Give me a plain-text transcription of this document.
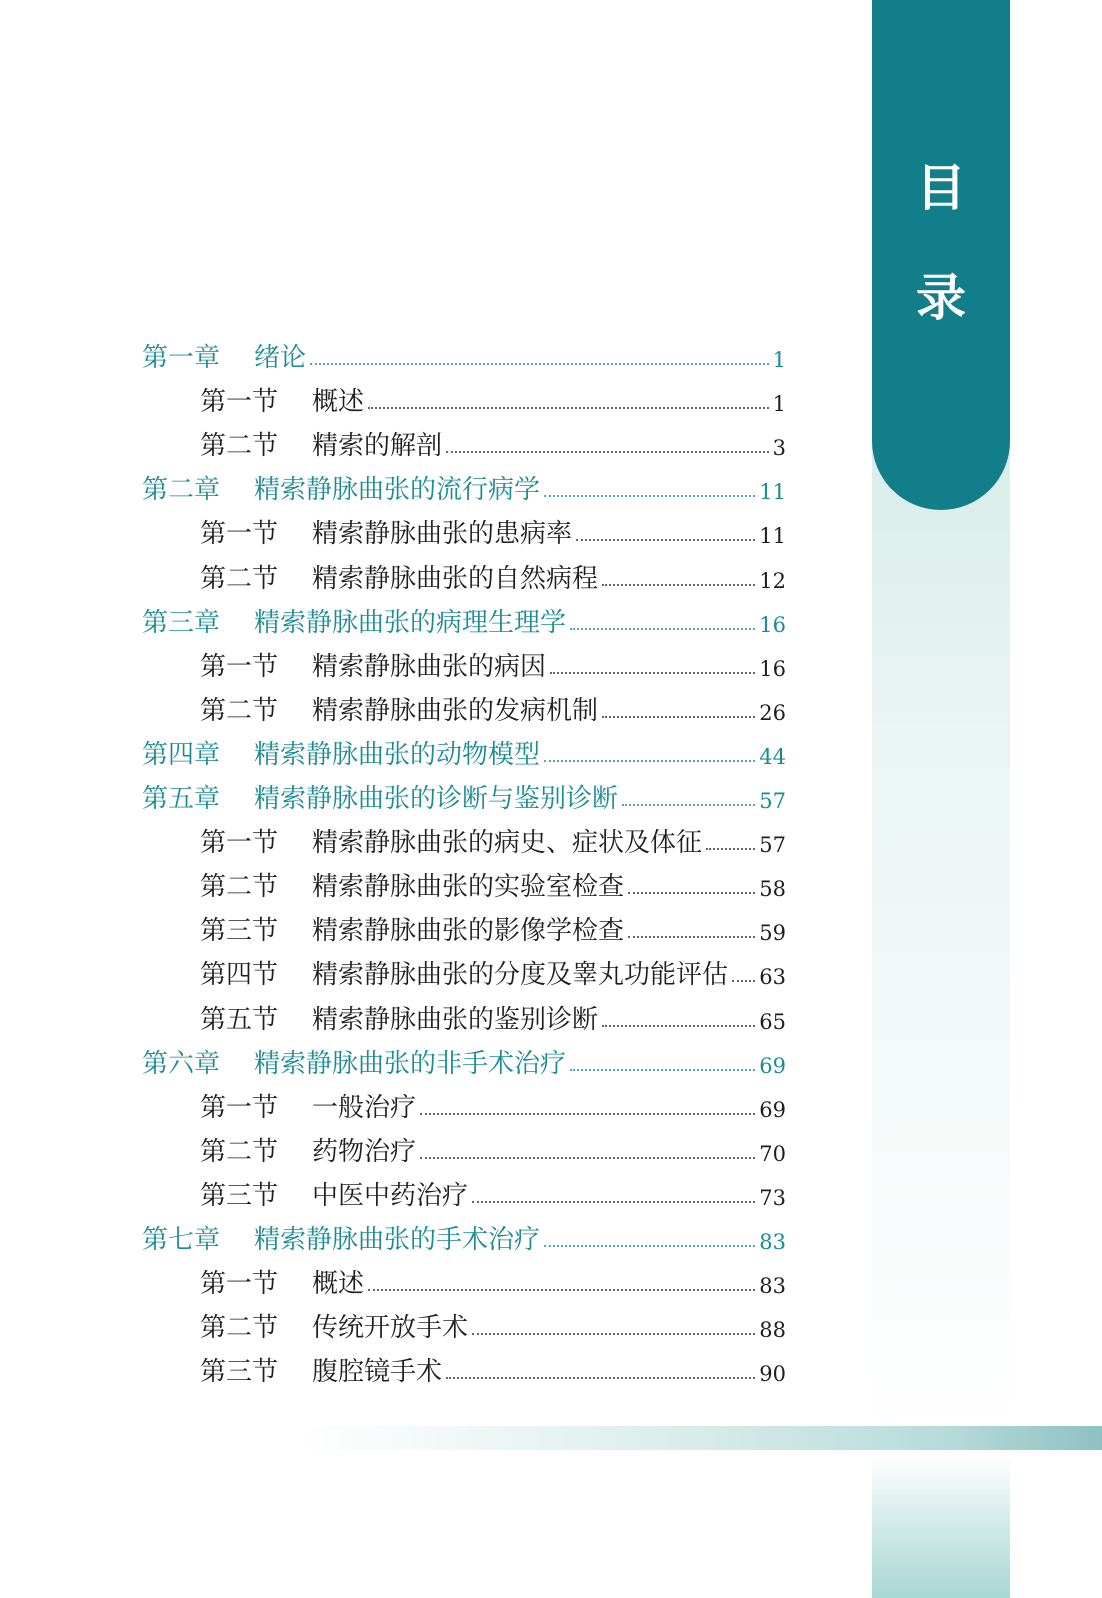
目
录
第一章	绪论	1
第一节	概述	1
第二节	精索的解剖	3
第二章	精索静脉曲张的流行病学	11
第一节	精索静脉曲张的患病率	11
第二节	精索静脉曲张的自然病程	12
第三章	精索静脉曲张的病理生理学	16
第一节	精索静脉曲张的病因	16
第二节	精索静脉曲张的发病机制	26
第四章	精索静脉曲张的动物模型	44
第五章	精索静脉曲张的诊断与鉴别诊断	57
第一节	精索静脉曲张的病史、症状及体征	57
第二节	精索静脉曲张的实验室检查	58
第三节	精索静脉曲张的影像学检查	59
第四节	精索静脉曲张的分度及睾丸功能评估 63
第五节	精索静脉曲张的鉴别诊断	65
第六章	精索静脉曲张的非手术治疗	69
第一节	一般治疗	69
第二节	药物治疗	70
第三节	中医中药治疗	73
第七章	精索静脉曲张的手术治疗	83
第一节	概述	83
第二节	传统开放手术	88
第三节	腹腔镜手术	90
